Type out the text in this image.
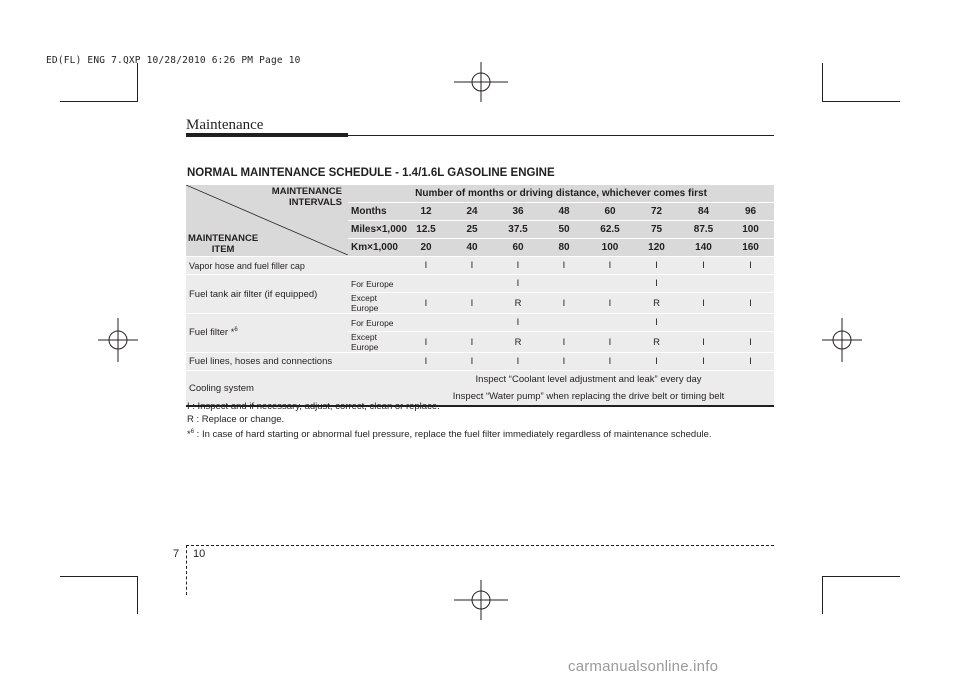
ED(FL) ENG 7.QXP 10/28/2010 6:26 PM Page 10
Maintenance
NORMAL MAINTENANCE SCHEDULE - 1.4/1.6L GASOLINE ENGINE
MAINTENANCE
INTERVALS
MAINTENANCE
ITEM	Number of months or driving distance, whichever comes first								
	Months	12	24	36	48	60	72	84	96
	Miles×1,000	12.5	25	37.5	50	62.5	75	87.5	100
	Km×1,000	20	40	60	80	100	120	140	160
Vapor hose and fuel filler cap		I	I	I	I	I	I	I	I
Fuel tank air filter (if equipped)	For Europe			I			I		
	Except Europe	I	I	R	I	I	R	I	I
Fuel filter *$^6$	For Europe			I			I		
	Except Europe	I	I	R	I	I	R	I	I
Fuel lines, hoses and connections		I	I	I	I	I	I	I	I
Cooling system		Inspect “Coolant level adjustment and leak” every day
Inspect “Water pump” when replacing the drive belt or timing belt							
I : Inspect and if necessary, adjust, correct, clean or replace.
R : Replace or change.
*$^6$ : In case of hard starting or abnormal fuel pressure, replace the fuel filter immediately regardless of maintenance schedule.
7 10
carmanualsonline.info
